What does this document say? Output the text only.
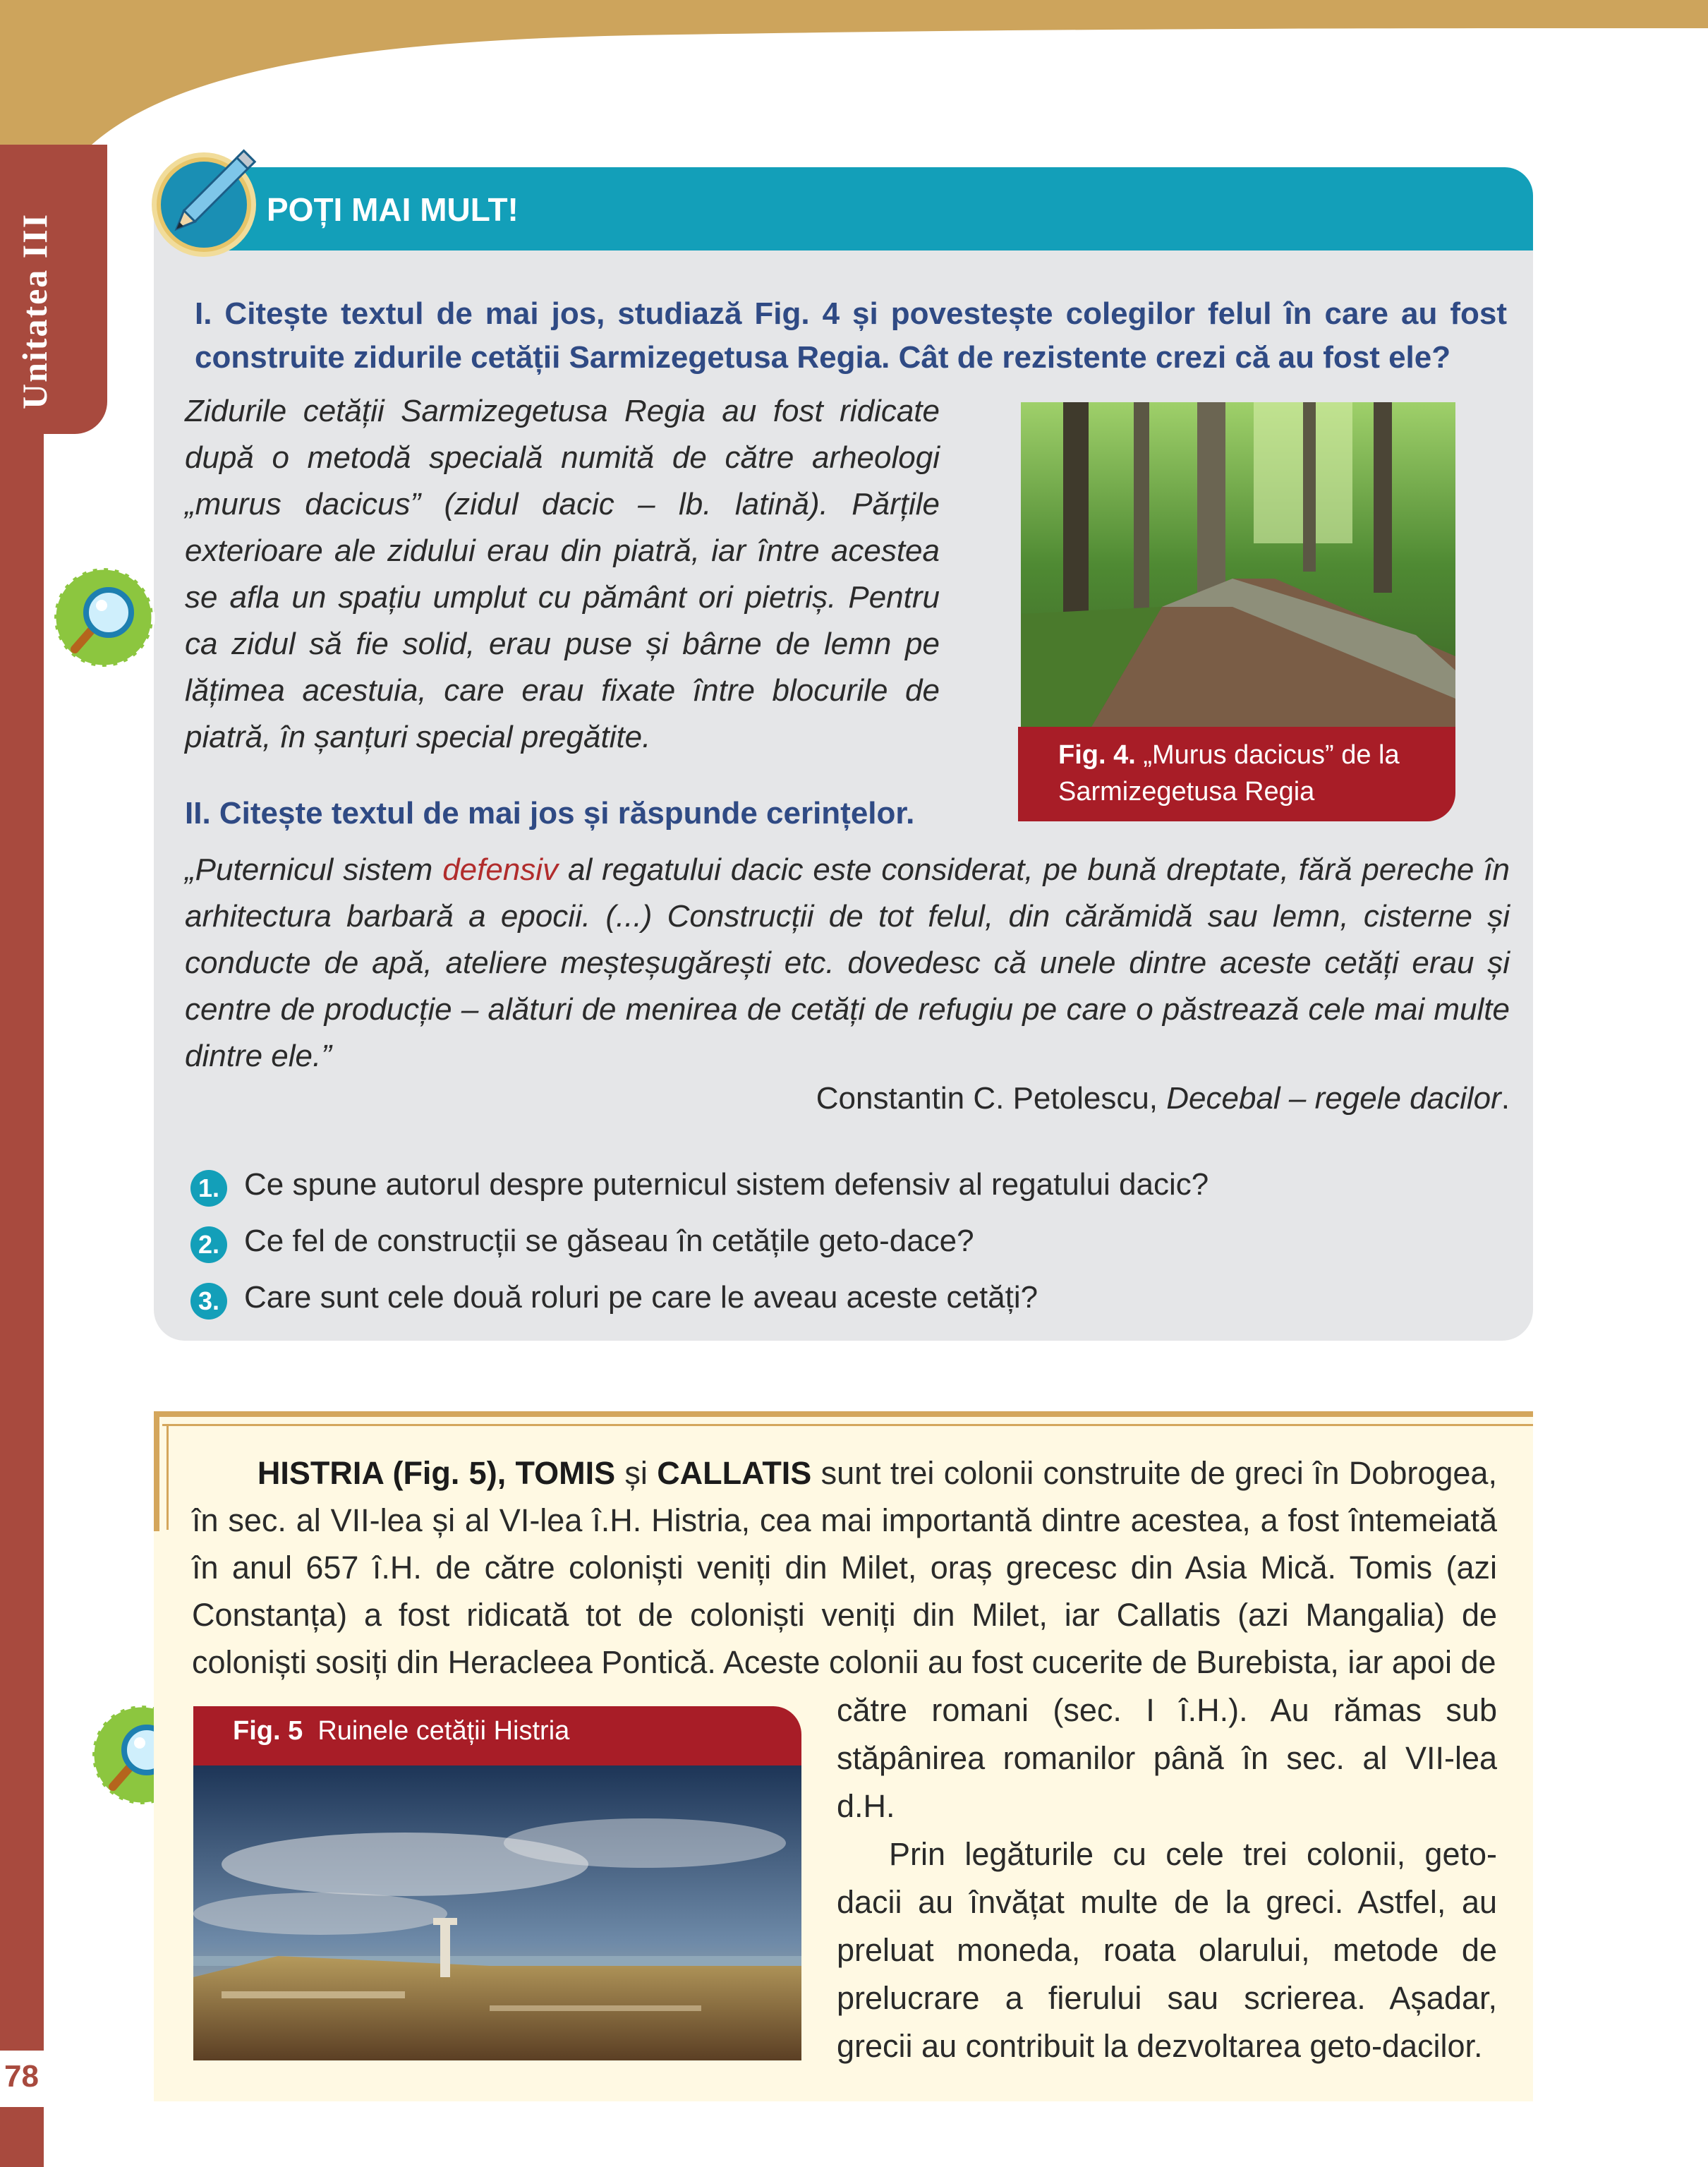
Unitatea III
78
POȚI MAI MULT!
I. Citește textul de mai jos, studiază Fig. 4 și povestește colegilor felul în care au fost construite zidurile cetății Sarmizegetusa Regia. Cât de rezistente crezi că au fost ele?
Zidurile cetății Sarmizegetusa Regia au fost ridicate după o metodă specială numită de către arheologi „murus dacicus” (zidul dacic – lb. latină). Părțile exterioare ale zidului erau din piatră, iar între acestea se afla un spațiu umplut cu pământ ori pietriș. Pentru ca zidul să fie solid, erau puse și bârne de lemn pe lățimea acestuia, care erau fixate între blocurile de piatră, în șanțuri special pregătite.
Fig. 4. „Murus dacicus” de la Sarmizegetusa Regia
II. Citește textul de mai jos și răspunde cerințelor.
„Puternicul sistem defensiv al regatului dacic este considerat, pe bună dreptate, fără pereche în arhitectura barbară a epocii. (...) Construcții de tot felul, din cărămidă sau lemn, cisterne și conducte de apă, ateliere meșteșugărești etc. dovedesc că unele dintre aceste cetăți erau și centre de producție – alături de menirea de cetăți de refugiu pe care o păstrează cele mai multe dintre ele.”
Constantin C. Petolescu, Decebal – regele dacilor.
1. Ce spune autorul despre puternicul sistem defensiv al regatului dacic?
2. Ce fel de construcții se găseau în cetățile geto-dace?
3. Care sunt cele două roluri pe care le aveau aceste cetăți?
HISTRIA (Fig. 5), TOMIS și CALLATIS sunt trei colonii construite de greci în Dobrogea, în sec. al VII-lea și al VI-lea î.H. Histria, cea mai importantă dintre acestea, a fost întemeiată în anul 657 î.H. de către coloniști veniți din Milet, oraș grecesc din Asia Mică. Tomis (azi Constanța) a fost ridicată tot de coloniști veniți din Milet, iar Callatis (azi Mangalia) de coloniști sosiți din Heracleea Pontică. Aceste colonii au fost cucerite de Burebista, iar apoi de
către romani (sec. I î.H.). Au rămas sub stăpânirea romanilor până în sec. al VII-lea d.H.
Prin legăturile cu cele trei colonii, geto-dacii au învățat multe de la greci. Astfel, au preluat moneda, roata olarului, metode de prelucrare a fierului sau scrierea. Așadar, grecii au contribuit la dezvoltarea geto-dacilor.
Fig. 5 Ruinele cetății Histria
